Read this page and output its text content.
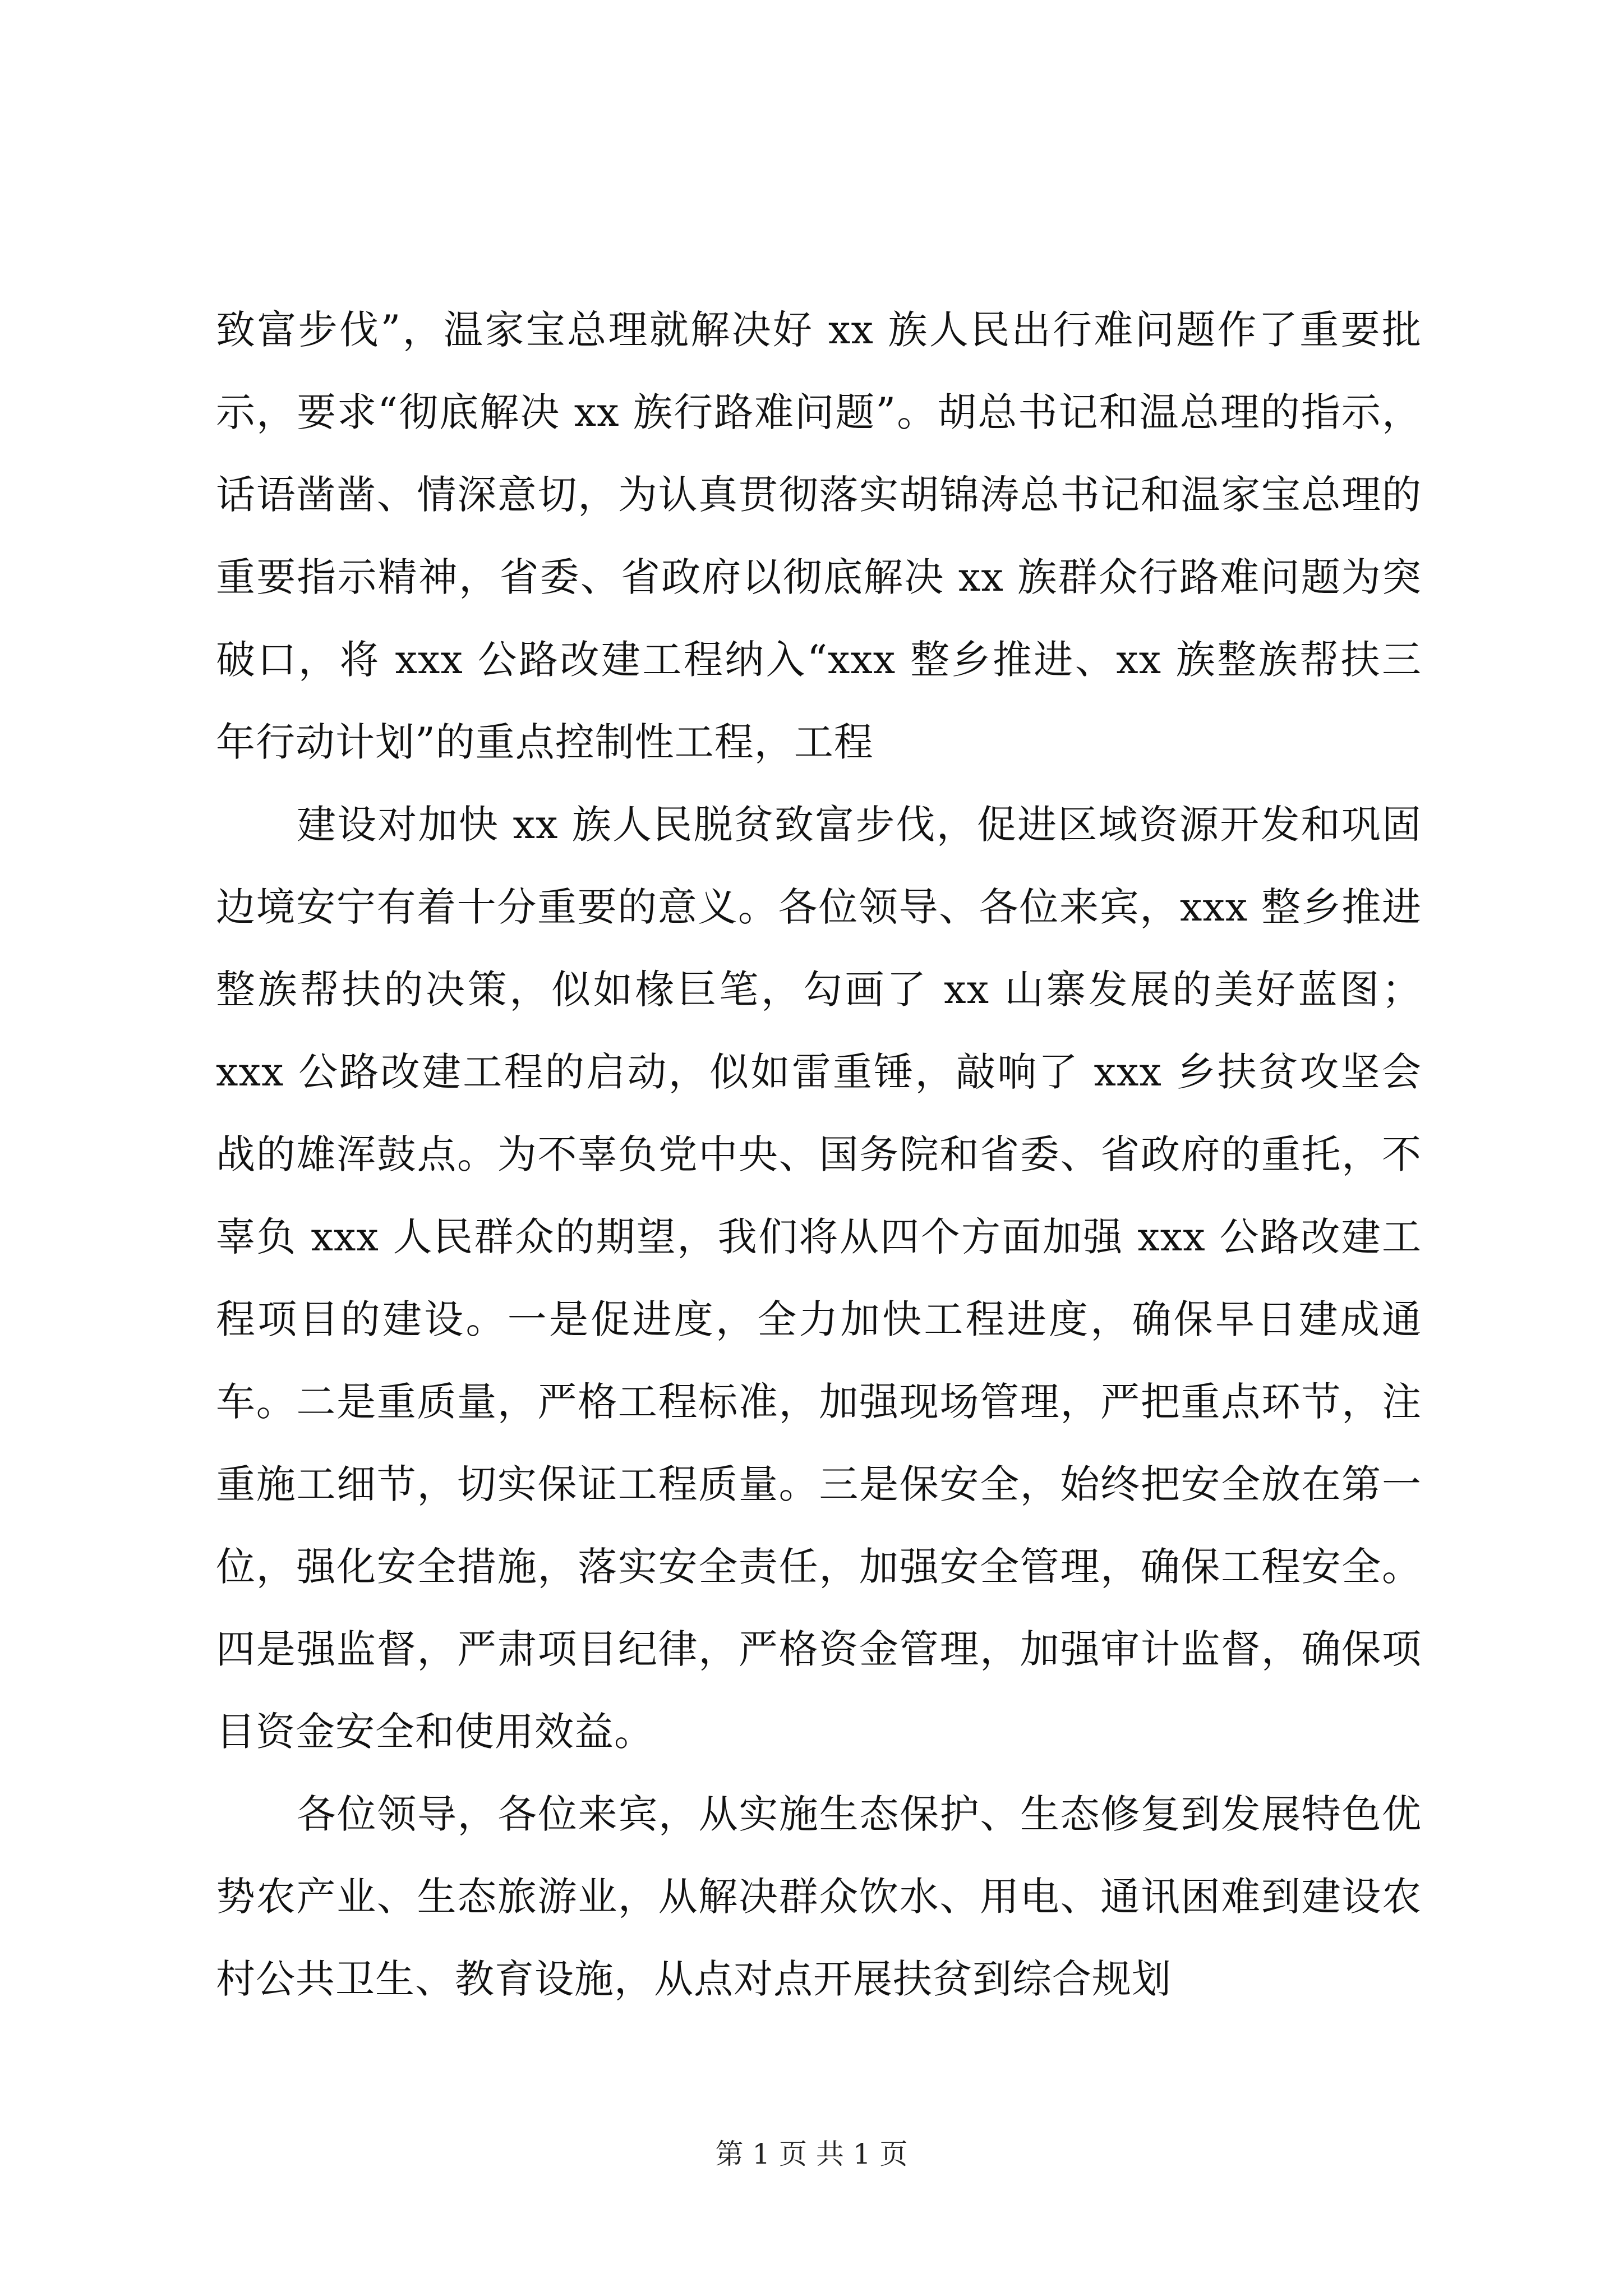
致富步伐”，温家宝总理就解决好 xx 族人民出行难问题作了重要批示，要求“彻底解决 xx 族行路难问题”。胡总书记和温总理的指示，话语凿凿、情深意切，为认真贯彻落实胡锦涛总书记和温家宝总理的重要指示精神，省委、省政府以彻底解决 xx 族群众行路难问题为突破口，将 xxx 公路改建工程纳入“xxx 整乡推进、xx 族整族帮扶三年行动计划”的重点控制性工程，工程

建设对加快 xx 族人民脱贫致富步伐，促进区域资源开发和巩固边境安宁有着十分重要的意义。各位领导、各位来宾，xxx 整乡推进整族帮扶的决策，似如椽巨笔，勾画了 xx 山寨发展的美好蓝图；xxx 公路改建工程的启动，似如雷重锤，敲响了 xxx 乡扶贫攻坚会战的雄浑鼓点。为不辜负党中央、国务院和省委、省政府的重托，不辜负 xxx 人民群众的期望，我们将从四个方面加强 xxx 公路改建工程项目的建设。一是促进度，全力加快工程进度，确保早日建成通车。二是重质量，严格工程标准，加强现场管理，严把重点环节，注重施工细节，切实保证工程质量。三是保安全，始终把安全放在第一位，强化安全措施，落实安全责任，加强安全管理，确保工程安全。四是强监督，严肃项目纪律，严格资金管理，加强审计监督，确保项目资金安全和使用效益。

各位领导，各位来宾，从实施生态保护、生态修复到发展特色优势农产业、生态旅游业，从解决群众饮水、用电、通讯困难到建设农村公共卫生、教育设施，从点对点开展扶贫到综合规划

第 1 页 共 1 页
